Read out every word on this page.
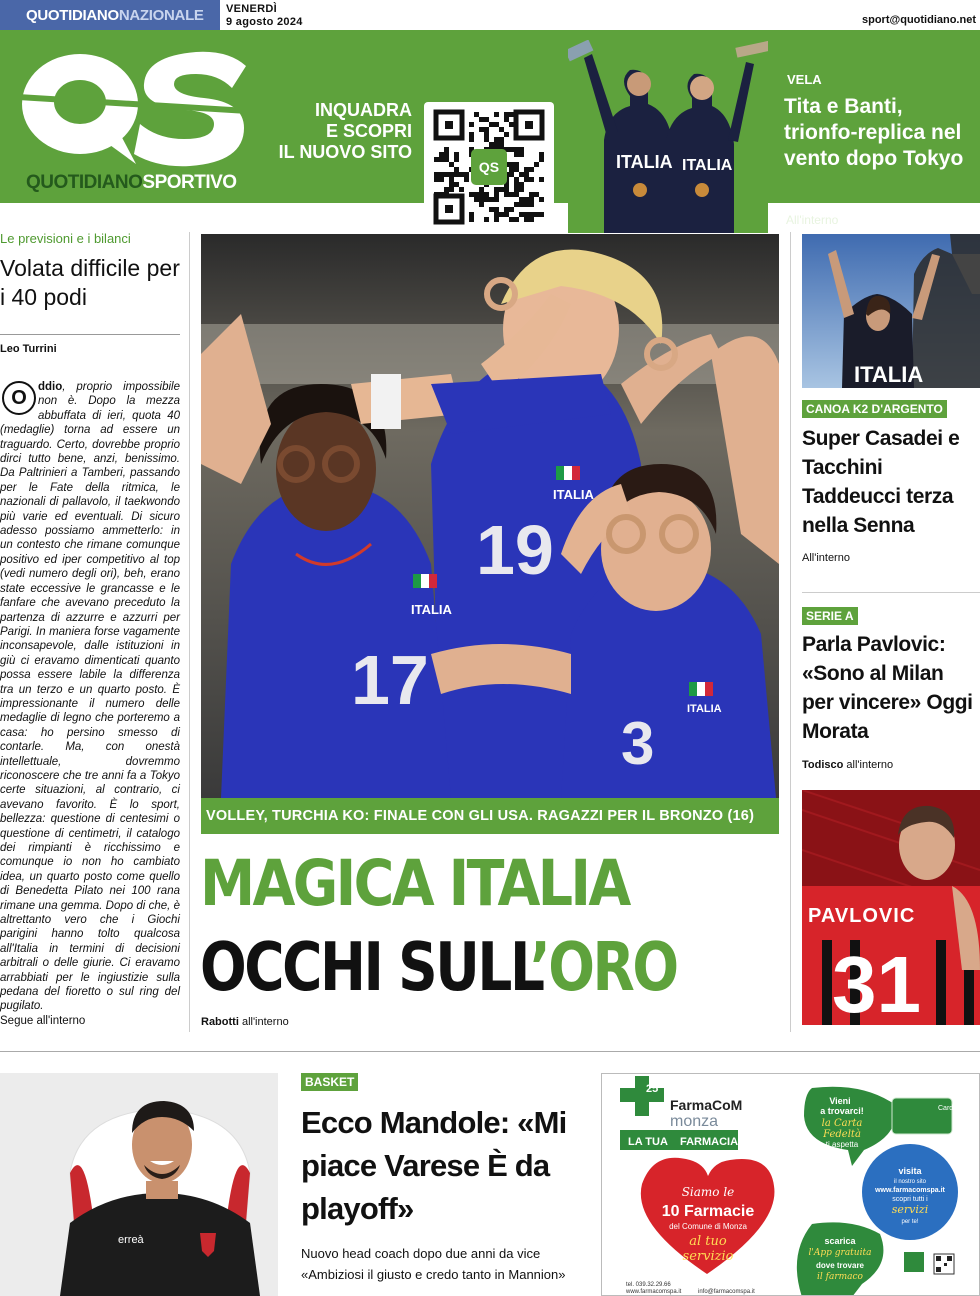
QUOTIDIANONAZIONALE	VENERDÌ
9 agosto 2024	sport@quotidiano.net
INQUADRA
E SCOPRI
IL NUOVO SITO
QS	ITALIA ITALIA
VELA
Tita e Banti, trionfo-replica nel vento dopo Tokyo
All'interno
QUOTIDIANOSPORTIVO
Le previsioni e i bilanci
Volata difficile per i 40 podi
Leo Turrini
O ddio, proprio impossibile non è. Dopo la mezza abbuffata di ieri, quota 40 (medaglie) torna ad essere un traguardo. Certo, dovrebbe proprio dirci tutto bene, anzi, benissimo. Da Paltrinieri a Tamberi, passando per le Fate della ritmica, le nazionali di pallavolo, il taekwondo più varie ed eventuali. Di sicuro adesso possiamo ammetterlo: in un contesto che rimane comunque positivo ed iper competitivo al top (vedi numero degli ori), beh, erano state eccessive le grancasse e le fanfare che avevano preceduto la partenza di azzurre e azzurri per Parigi. In maniera forse vagamente inconsapevole, dalle istituzioni in giù ci eravamo dimenticati quanto possa essere labile la differenza tra un terzo e un quarto posto. È impressionante il numero delle medaglie di legno che porteremo a casa: ho persino smesso di contarle. Ma, con onestà intellettuale, dovremmo riconoscere che tre anni fa a Tokyo certe situazioni, al contrario, ci avevano favorito. È lo sport, bellezza: questione di centesimi o questione di centimetri, il catalogo dei rimpianti è ricchissimo e comunque io non ho cambiato idea, un quarto posto come quello di Benedetta Pilato nei 100 rana rimane una gemma. Dopo di che, è altrettanto vero che i Giochi parigini hanno tolto qualcosa all'Italia in termini di decisioni arbitrali o delle giurie. Ci eravamo arrabbiati per le ingiustizie sulla pedana del fioretto o sul ring del pugilato.
Segue all'interno
17
19
3
ITALIA
ITALIA
ITALIA
VOLLEY, TURCHIA KO: FINALE CON GLI USA. RAGAZZI PER IL BRONZO (16)
MAGICA ITALIA
OCCHI SULL’ORO
Rabotti all'interno
ITALIA
CANOA K2 D'ARGENTO
Super Casadei e Tacchini Taddeucci terza nella Senna
All'interno
SERIE A
Parla Pavlovic: «Sono al Milan per vincere» Oggi Morata
Todisco all'interno
PAVLOVIC
31
erreà
BASKET
Ecco Mandole: «Mi piace Varese È da playoff»
Nuovo head coach dopo due anni da vice
«Ambiziosi il giusto e credo tanto in Mannion»
25
FarmaCoM
monza
LA TUA FARMACIA
Siamo le
10 Farmacie
del Comune di Monza
al tuo
servizio
Vieni
a trovarci!
la Carta
Fedeltà
ti aspetta
Card
visita
il nostro sito
www.farmacomspa.it
scopri tutti i
servizi
per te!
scarica
l'App gratuita
dove trovare
il farmaco
tel. 039.32.29.66
www.farmacomspa.it	info@farmacomspa.it
